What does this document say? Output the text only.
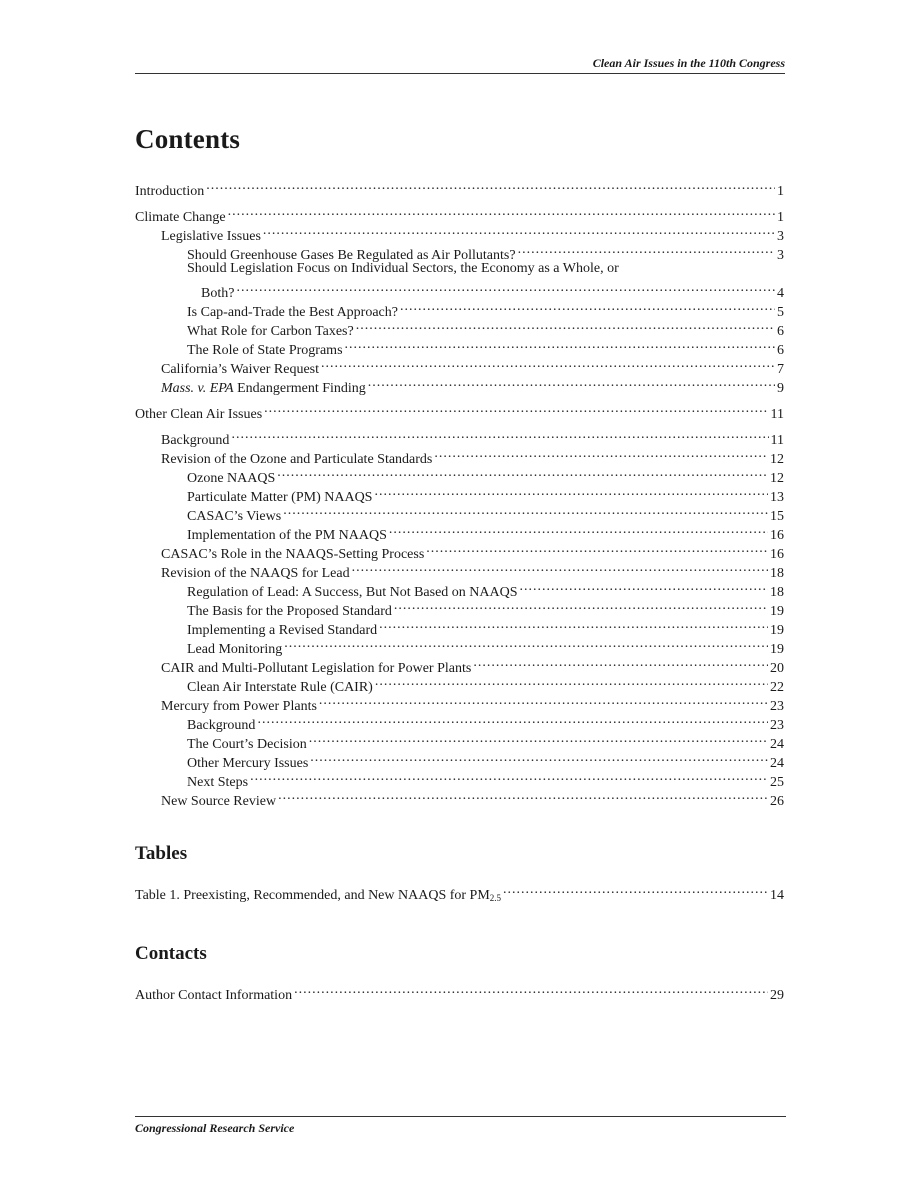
Clean Air Issues in the 110th Congress
Contents
Introduction .....	1
Climate Change .....	1
Legislative Issues .....	3
Should Greenhouse Gases Be Regulated as Air Pollutants? .....	3
Should Legislation Focus on Individual Sectors, the Economy as a Whole, or
Both? .....	4
Is Cap-and-Trade the Best Approach? .....	5
What Role for Carbon Taxes? .....	6
The Role of State Programs .....	6
California’s Waiver Request .....	7
Mass. v. EPA Endangerment Finding .....	9
Other Clean Air Issues .....	11
Background .....	11
Revision of the Ozone and Particulate Standards .....	12
Ozone NAAQS .....	12
Particulate Matter (PM) NAAQS .....	13
CASAC’s Views .....	15
Implementation of the PM NAAQS .....	16
CASAC’s Role in the NAAQS-Setting Process .....	16
Revision of the NAAQS for Lead .....	18
Regulation of Lead: A Success, But Not Based on NAAQS .....	18
The Basis for the Proposed Standard .....	19
Implementing a Revised Standard .....	19
Lead Monitoring .....	19
CAIR and Multi-Pollutant Legislation for Power Plants .....	20
Clean Air Interstate Rule (CAIR) .....	22
Mercury from Power Plants .....	23
Background .....	23
The Court’s Decision .....	24
Other Mercury Issues .....	24
Next Steps .....	25
New Source Review .....	26
Tables
Table 1. Preexisting, Recommended, and New NAAQS for $PM_{2.5}$ .....	14
Contacts
Author Contact Information .....	29
Congressional Research Service
